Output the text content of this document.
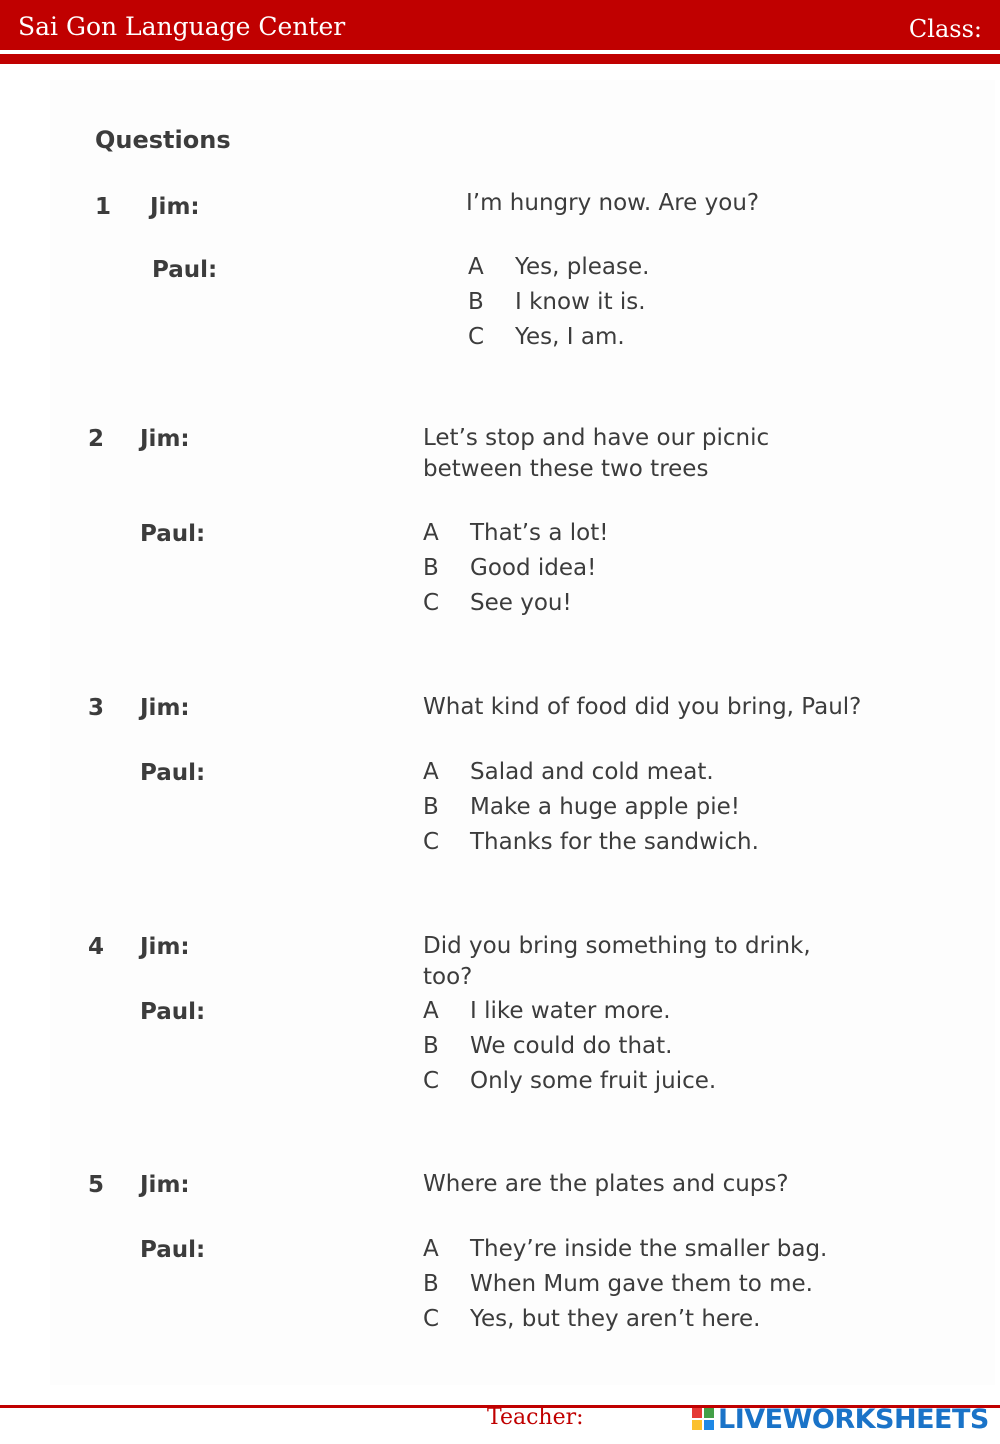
Sai Gon Language Center	Class:
Questions
1 Jim:	I’m hungry now. Are you?
Paul:	A Yes, please.
B I know it is.
C Yes, I am.
2 Jim:	Let’s stop and have our picnic between these two trees
Paul:	A That’s a lot!
B Good idea!
C See you!
3 Jim:	What kind of food did you bring, Paul?
Paul:	A Salad and cold meat.
B Make a huge apple pie!
C Thanks for the sandwich.
4 Jim:	Did you bring something to drink, too?
Paul:	A I like water more.
B We could do that.
C Only some fruit juice.
5 Jim:	Where are the plates and cups?
Paul:	A They’re inside the smaller bag.
B When Mum gave them to me.
C Yes, but they aren’t here.
Teacher:	LIVEWORKSHEETS
